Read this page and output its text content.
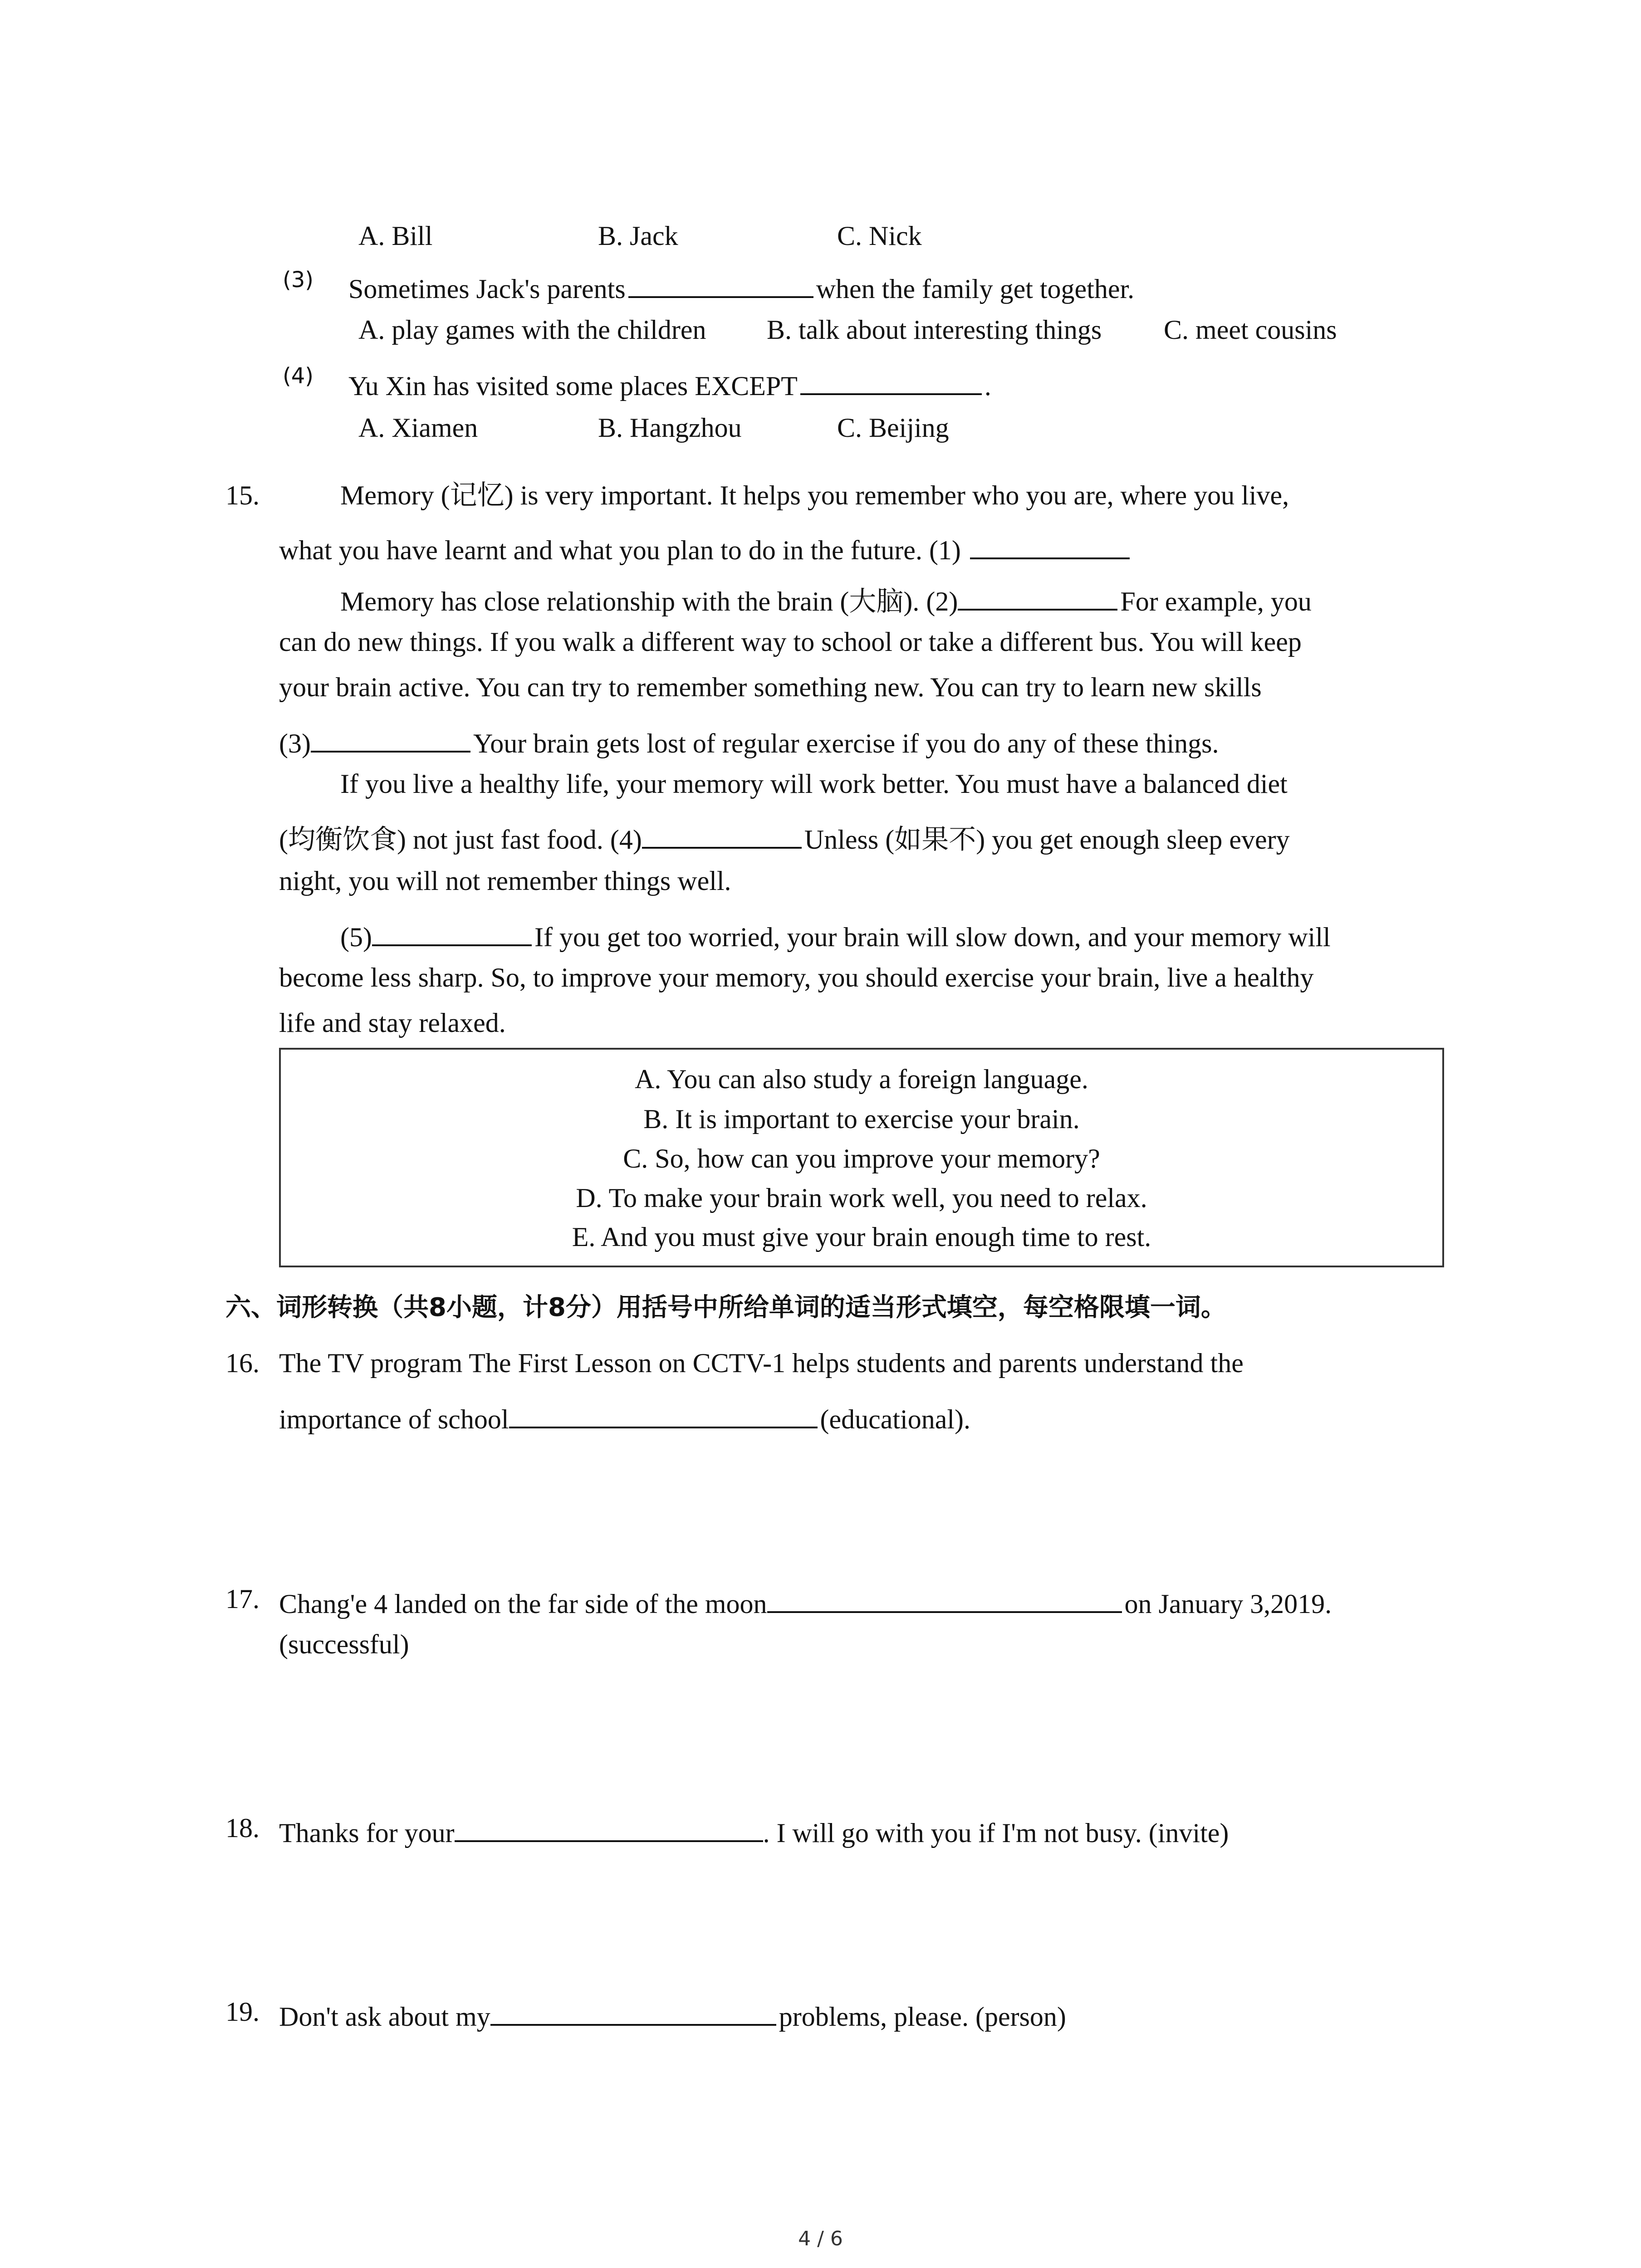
A. Bill	B. Jack	C. Nick
(3) Sometimes Jack's parents	when the family get together.
A. play games with the children B. talk about interesting things C. meet cousins
(4) Yu Xin has visited some places EXCEPT	.
A. Xiamen	B. Hangzhou	C. Beijing
15.	Memory (记忆) is very important. It helps you remember who you are, where you live,
what you have learnt and what you plan to do in the future. (1)
Memory has close relationship with the brain (大脑). (2)	For example, you
can do new things. If you walk a different way to school or take a different bus. You will keep
your brain active. You can try to remember something new. You can try to learn new skills
(3)	Your brain gets lost of regular exercise if you do any of these things.
If you live a healthy life, your memory will work better. You must have a balanced diet
(均衡饮食) not just fast food. (4)	Unless (如果不) you get enough sleep every
night, you will not remember things well.
(5)	If you get too worried, your brain will slow down, and your memory will
become less sharp. So, to improve your memory, you should exercise your brain, live a healthy
life and stay relaxed.
A. You can also study a foreign language.
B. It is important to exercise your brain.
C. So, how can you improve your memory?
D. To make your brain work well, you need to relax.
E. And you must give your brain enough time to rest.
六、词形转换（共8小题，计8分）用括号中所给单词的适当形式填空，每空格限填一词。
16. The TV program The First Lesson on CCTV-1 helps students and parents understand the
importance of school	(educational).
17. Chang'e 4 landed on the far side of the moon	on January 3,2019.
(successful)
18. Thanks for your	. I will go with you if I'm not busy. (invite)
19. Don't ask about my	problems, please. (person)
4 / 6
